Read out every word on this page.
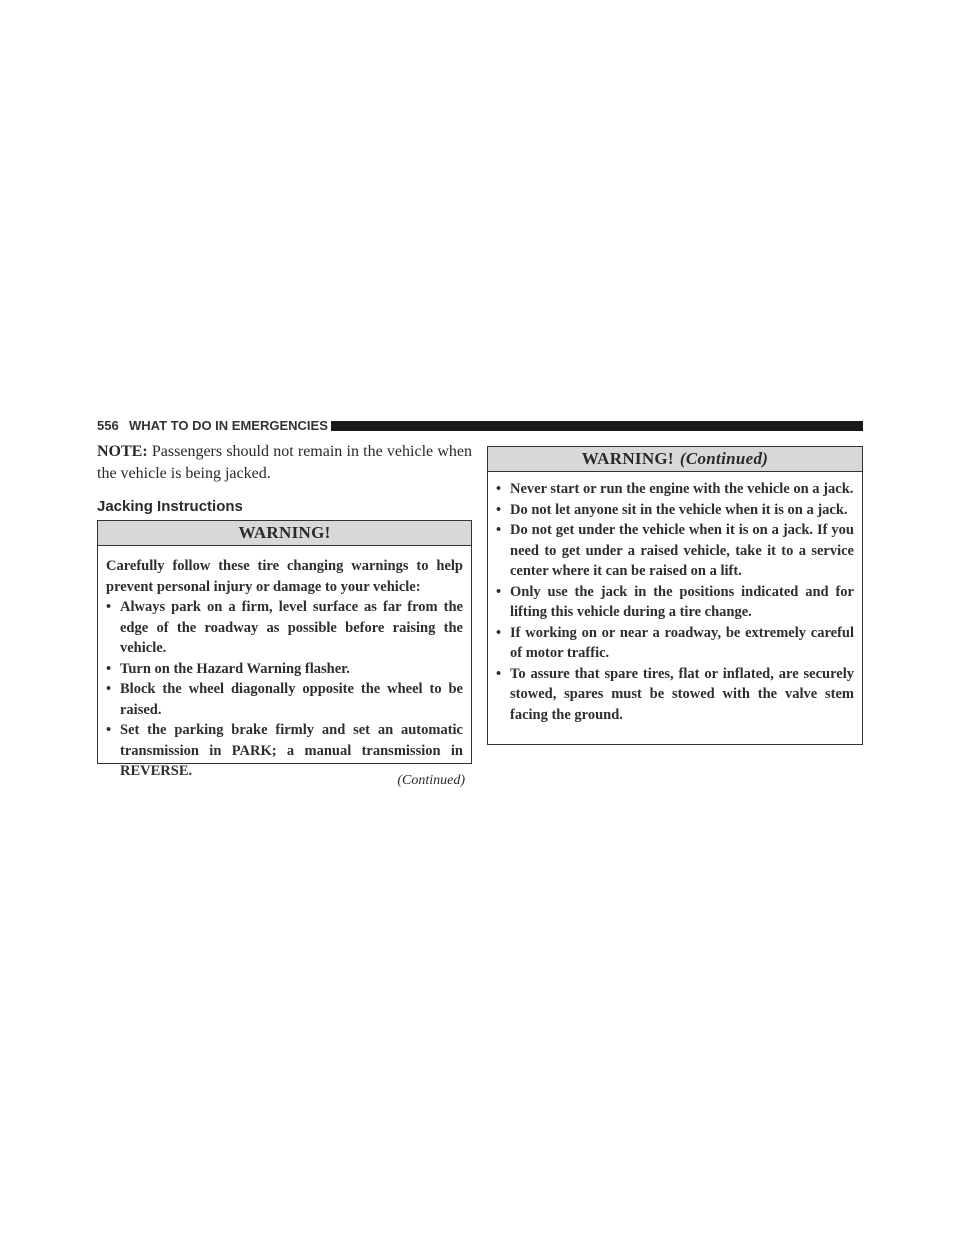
556 WHAT TO DO IN EMERGENCIES

NOTE: Passengers should not remain in the vehicle when the vehicle is being jacked.

Jacking Instructions
WARNING!

Carefully follow these tire changing warnings to help prevent personal injury or damage to your vehicle:

• Always park on a firm, level surface as far from the edge of the roadway as possible before raising the vehicle.
• Turn on the Hazard Warning flasher.
• Block the wheel diagonally opposite the wheel to be raised.
• Set the parking brake firmly and set an automatic transmission in PARK; a manual transmission in REVERSE.
(Continued)
WARNING! (Continued)
• Never start or run the engine with the vehicle on a jack.
• Do not let anyone sit in the vehicle when it is on a jack.
• Do not get under the vehicle when it is on a jack. If you need to get under a raised vehicle, take it to a service center where it can be raised on a lift.
• Only use the jack in the positions indicated and for lifting this vehicle during a tire change.
• If working on or near a roadway, be extremely careful of motor traffic.
• To assure that spare tires, flat or inflated, are securely stowed, spares must be stowed with the valve stem facing the ground.
